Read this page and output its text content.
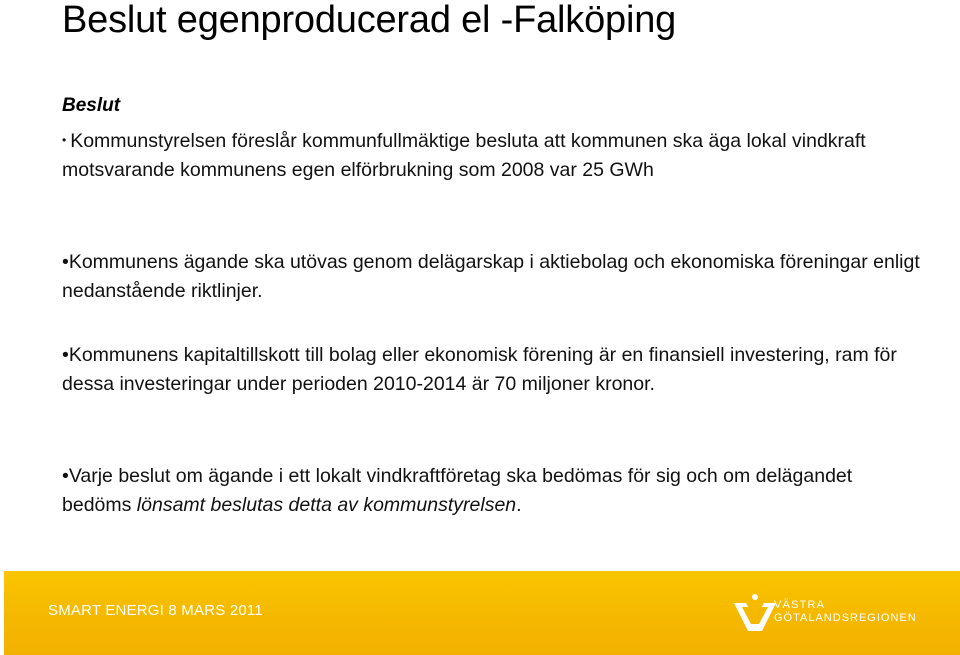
Beslut egenproducerad el -Falköping
Beslut

• Kommunstyrelsen föreslår kommunfullmäktige besluta att kommunen ska äga lokal vindkraft motsvarande kommunens egen elförbrukning som 2008 var 25 GWh

•Kommunens ägande ska utövas genom delägarskap i aktiebolag och ekonomiska föreningar enligt nedanstående riktlinjer.

•Kommunens kapitaltillskott till bolag eller ekonomisk förening är en finansiell investering, ram för dessa investeringar under perioden 2010-2014 är 70 miljoner kronor.

•Varje beslut om ägande i ett lokalt vindkraftföretag ska bedömas för sig och om delägandet bedöms lönsamt beslutas detta av kommunstyrelsen.

SMART ENERGI 8 MARS 2011	VÄSTRA
GÖTALANDSREGIONEN
